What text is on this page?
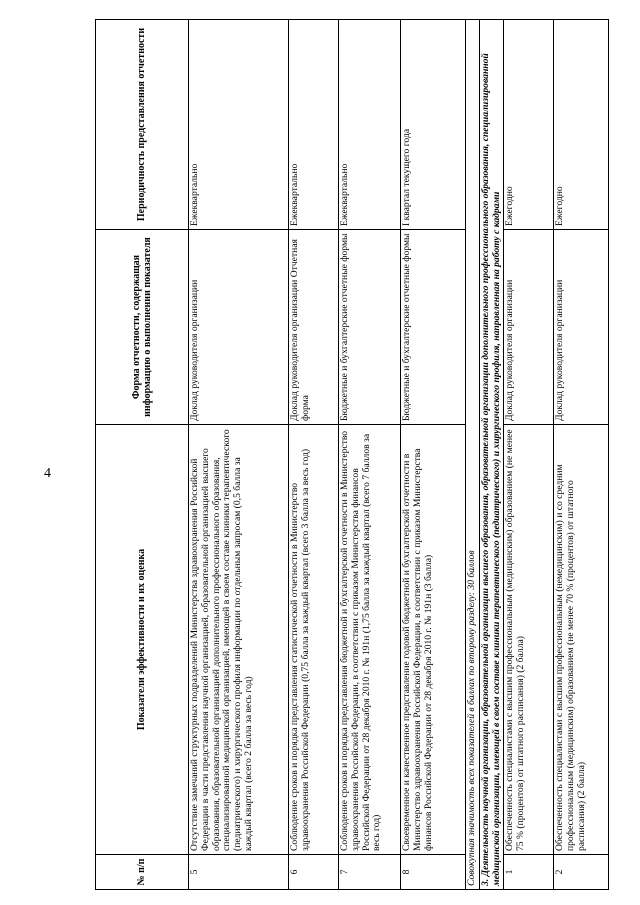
4
№ п/п	Показатели эффективности и их оценка	Форма отчетности, содержащая информацию о выполнении показателя	Периодичность представления отчетности
5	Отсутствие замечаний структурных подразделений Министерства здравоохранения Российской Федерации в части представления научной организацией, образовательной организацией высшего образования, образовательной организацией дополнительного профессионального образования, специализированной медицинской организацией, имеющей в своем составе клиники терапевтического (педиатрического) и хирургического профиля информации по отдельным запросам (0,5 балла за каждый квартал (всего 2 балла за весь год)	Доклад руководителя организации	Ежеквартально
6	Соблюдение сроков и порядка представления статистической отчетности в Министерство здравоохранения Российской Федерации (0,75 балла за каждый квартал (всего 3 балла за весь год)	Доклад руководителя организации Отчетная форма	Ежеквартально
7	Соблюдение сроков и порядка представления бюджетной и бухгалтерской отчетности в Министерство здравоохранения Российской Федерации, в соответствии с приказом Министерства финансов Российской Федерации от 28 декабря 2010 г. № 191н (1,75 балла за каждый квартал (всего 7 баллов за весь год)	Бюджетные и бухгалтерские отчетные формы	Ежеквартально
8	Своевременное и качественное представление годовой бюджетной и бухгалтерской отчетности в Министерство здравоохранения Российской Федерации, в соответствии с приказом Министерства финансов Российской Федерации от 28 декабря 2010 г. № 191н (3 балла)	Бюджетные и бухгалтерские отчетные формы	I квартал текущего года
Совокупная значимость всех показателей в баллах по второму разделу: 30 баллов			
3. Деятельность научной организации, образовательной организации высшего образования, образовательной организации дополнительного профессионального образования, специализированной медицинской организации, имеющей в своем составе клиники терапевтического (педиатрического) и хирургического профиля, направленная на работу с кадрами			
1	Обеспеченность специалистами с высшим профессиональным (медицинским) образованием (не менее 75 % (процентов) от штатного расписания) (2 балла)	Доклад руководителя организации	Ежегодно
2	Обеспеченность специалистами с высшим профессиональным (немедицинским) и со средним профессиональным (медицинским) образованием (не менее 70 % (процентов) от штатного расписания) (2 балла)	Доклад руководителя организации	Ежегодно
